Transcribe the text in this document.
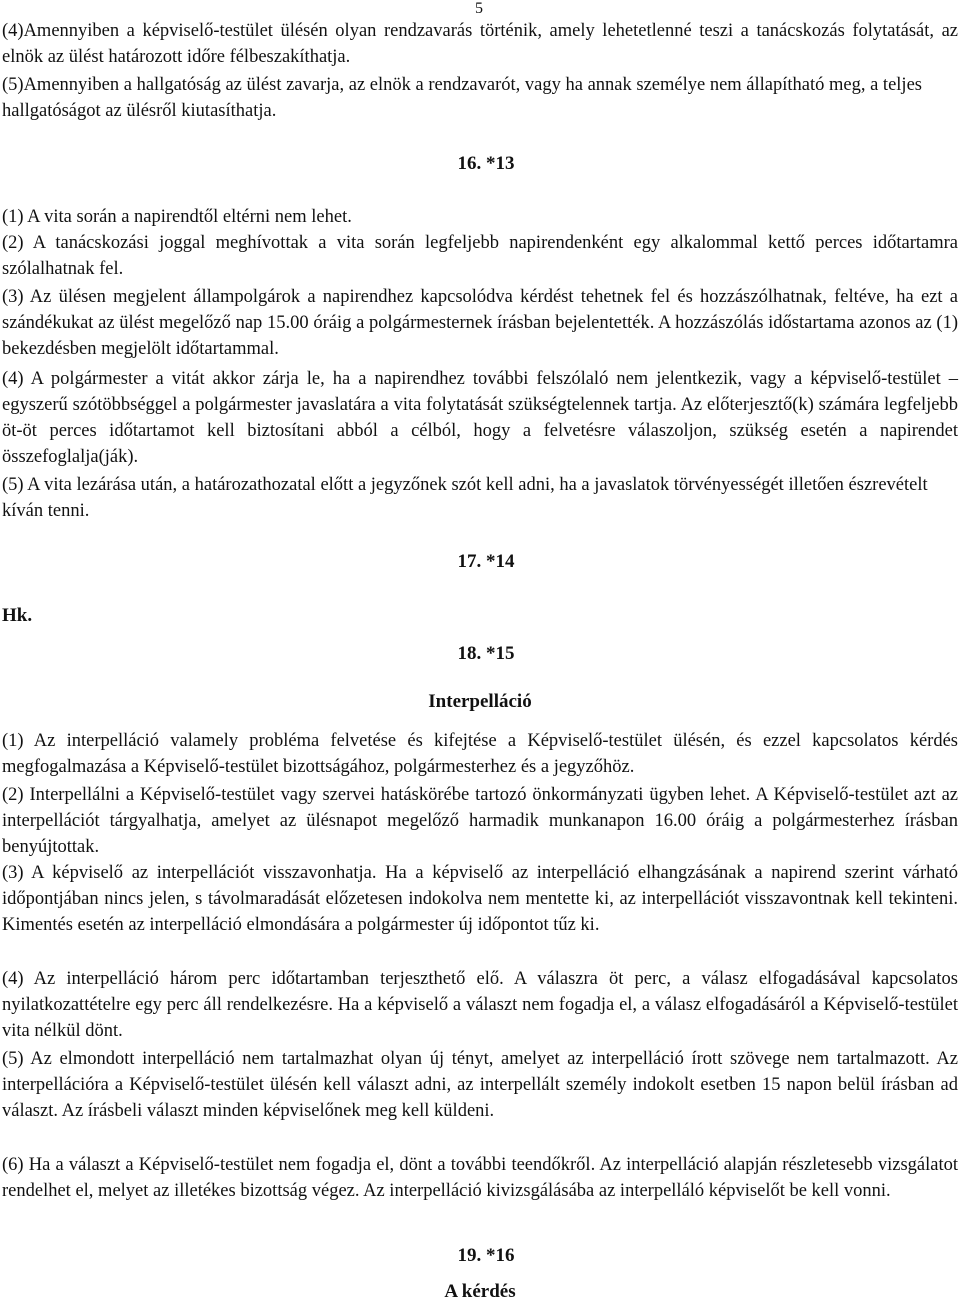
5

(4)Amennyiben a képviselő-testület ülésén olyan rendzavarás történik, amely lehetetlenné teszi a tanácskozás folytatását, az elnök az ülést határozott időre félbeszakíthatja.

(5)Amennyiben a hallgatóság az ülést zavarja, az elnök a rendzavarót, vagy ha annak személye nem állapítható meg, a teljes hallgatóságot az ülésről kiutasíthatja.

16. *13

(1) A vita során a napirendtől eltérni nem lehet.

(2) A tanácskozási joggal meghívottak a vita során legfeljebb napirendenként egy alkalommal kettő perces időtartamra szólalhatnak fel.

(3) Az ülésen megjelent állampolgárok a napirendhez kapcsolódva kérdést tehetnek fel és hozzászólhatnak, feltéve, ha ezt a szándékukat az ülést megelőző nap 15.00 óráig a polgármesternek írásban bejelentették. A hozzászólás időstartama azonos az (1) bekezdésben megjelölt időtartammal.

(4) A polgármester a vitát akkor zárja le, ha a napirendhez további felszólaló nem jelentkezik, vagy a képviselő-testület – egyszerű szótöbbséggel a polgármester javaslatára a vita folytatását szükségtelennek tartja. Az előterjesztő(k) számára legfeljebb öt-öt perces időtartamot kell biztosítani abból a célból, hogy a felvetésre válaszoljon, szükség esetén a napirendet összefoglalja(ják).

(5) A vita lezárása után, a határozathozatal előtt a jegyzőnek szót kell adni, ha a javaslatok törvényességét illetően észrevételt kíván tenni.

17. *14
Hk.
18. *15
Interpelláció

(1) Az interpelláció valamely probléma felvetése és kifejtése a Képviselő-testület ülésén, és ezzel kapcsolatos kérdés megfogalmazása a Képviselő-testület bizottságához, polgármesterhez és a jegyzőhöz.

(2) Interpellálni a Képviselő-testület vagy szervei hatáskörébe tartozó önkormányzati ügyben lehet. A Képviselő-testület azt az interpellációt tárgyalhatja, amelyet az ülésnapot megelőző harmadik munkanapon 16.00 óráig a polgármesterhez írásban benyújtottak.

(3) A képviselő az interpellációt visszavonhatja. Ha a képviselő az interpelláció elhangzásának a napirend szerint várható időpontjában nincs jelen, s távolmaradását előzetesen indokolva nem mentette ki, az interpellációt visszavontnak kell tekinteni. Kimentés esetén az interpelláció elmondására a polgármester új időpontot tűz ki.

(4) Az interpelláció három perc időtartamban terjeszthető elő. A válaszra öt perc, a válasz elfogadásával kapcsolatos nyilatkozattételre egy perc áll rendelkezésre. Ha a képviselő a választ nem fogadja el, a válasz elfogadásáról a Képviselő-testület vita nélkül dönt.

(5) Az elmondott interpelláció nem tartalmazhat olyan új tényt, amelyet az interpelláció írott szövege nem tartalmazott. Az interpellációra a Képviselő-testület ülésén kell választ adni, az interpellált személy indokolt esetben 15 napon belül írásban ad választ. Az írásbeli választ minden képviselőnek meg kell küldeni.

(6) Ha a választ a Képviselő-testület nem fogadja el, dönt a további teendőkről. Az interpelláció alapján részletesebb vizsgálatot rendelhet el, melyet az illetékes bizottság végez. Az interpelláció kivizsgálásába az interpelláló képviselőt be kell vonni.

19. *16
A kérdés
